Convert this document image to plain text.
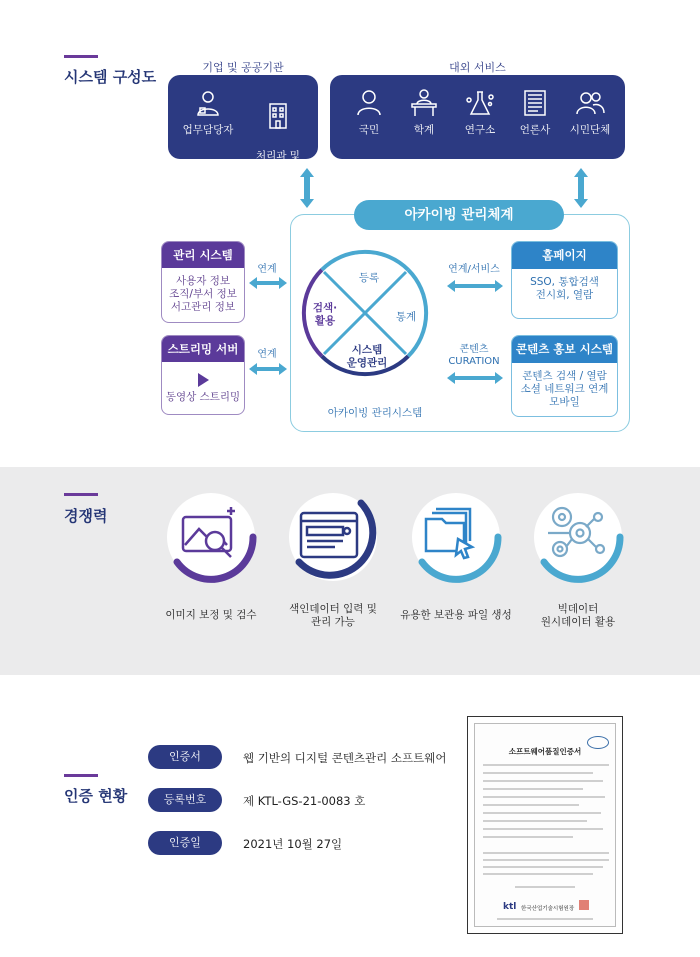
시스템 구성도
기업 및 공공기관	대외 서비스
업무담당자

처리과 및
업무부서

국민	학계	연구소	언론사	시민단체
아카이빙 관리체계
등록
통계
검색·
활용
시스템
운영관리
아카이빙 관리시스템
관리 시스템
사용자 정보
조직/부서 정보
서고관리 정보
스트리밍 서버
동영상 스트리밍
연계
연계
연계/서비스
콘텐츠
CURATION
홈페이지
SSO, 통합검색
전시회, 열람
콘텐츠 홍보 시스템
콘텐츠 검색 / 열람
소셜 네트워크 연계
모바일
경쟁력
이미지 보정 및 검수	색인데이터 입력 및
관리 가능
유용한 보관용 파일 생성	빅데이터
원시데이터 활용
인증 현황
인증서	웹 기반의 디지털 콘텐츠관리 소프트웨어
등록번호	제 KTL-GS-21-0083 호
인증일	2021년 10월 27일
소프트웨어품질인증서
ktl 한국산업기술시험원장
